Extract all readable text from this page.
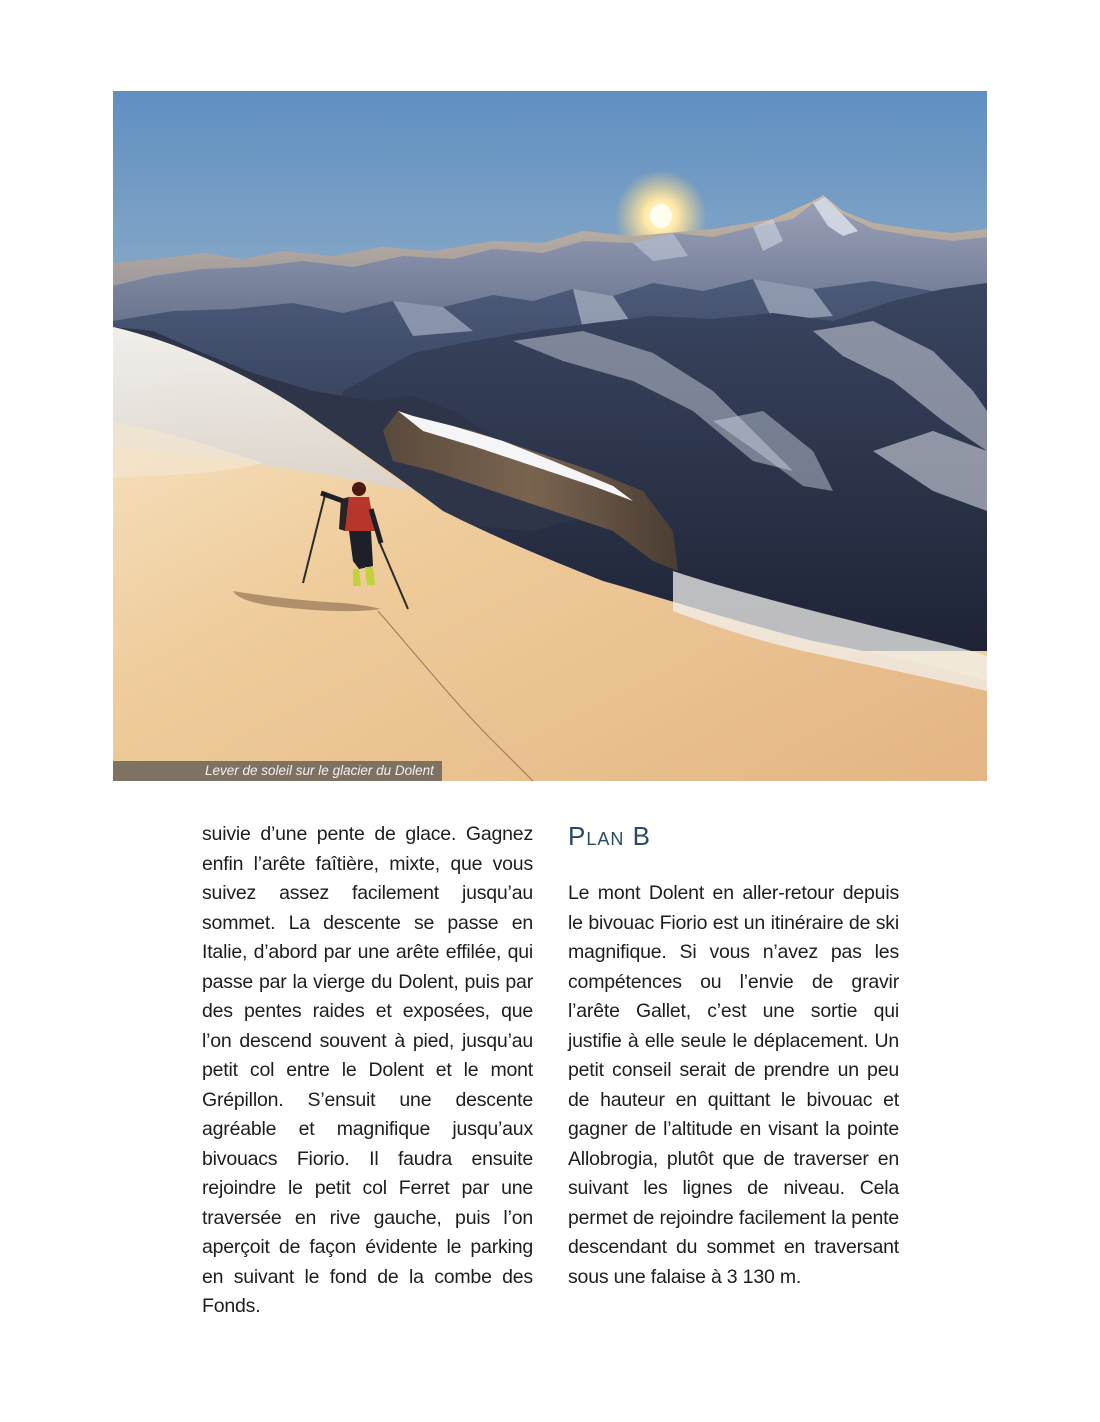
Lever de soleil sur le glacier du Dolent

suivie d’une pente de glace. Gagnez enfin l’arête faîtière, mixte, que vous suivez assez facilement jusqu’au sommet. La descente se passe en Italie, d’abord par une arête effilée, qui passe par la vierge du Dolent, puis par des pentes raides et exposées, que l’on descend souvent à pied, jusqu’au petit col entre le Dolent et le mont Grépillon. S’ensuit une descente agréable et magnifique jusqu’aux bivouacs Fiorio. Il faudra ensuite rejoindre le petit col Ferret par une traversée en rive gauche, puis l’on aperçoit de façon évidente le parking en suivant le fond de la combe des Fonds.

Plan B

Le mont Dolent en aller-retour depuis le bivouac Fiorio est un itinéraire de ski magnifique. Si vous n’avez pas les compétences ou l’envie de gravir l’arête Gallet, c’est une sortie qui justifie à elle seule le déplacement. Un petit conseil serait de prendre un peu de hauteur en quittant le bivouac et gagner de l’altitude en visant la pointe Allobrogia, plutôt que de traverser en suivant les lignes de niveau. Cela permet de rejoindre facilement la pente descendant du sommet en traversant sous une falaise à 3 130 m.
